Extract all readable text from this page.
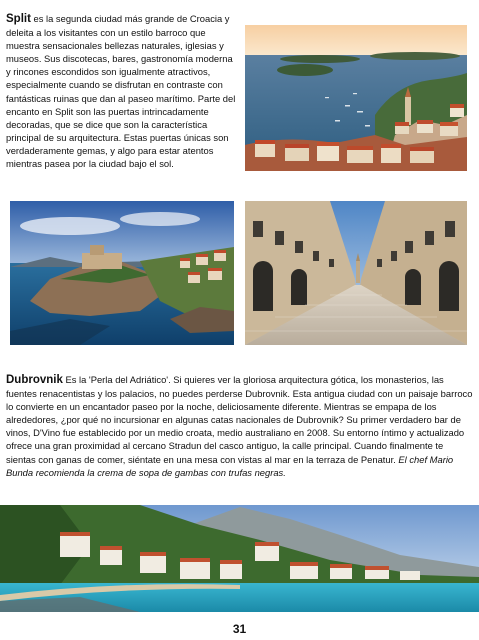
Split es la segunda ciudad más grande de Croacia y deleita a los visitantes con un estilo barroco que muestra sensacionales bellezas naturales, iglesias y museos. Sus discotecas, bares, gastronomía moderna y rincones escondidos son igualmente atractivos, especialmente cuando se disfrutan en contraste con fantásticas ruinas que dan al paseo marítimo. Parte del encanto en Split son las puertas intrincadamente decoradas, que se dice que son la característica principal de su arquitectura. Estas puertas únicas son verdaderamente gemas, y algo para estar atentos mientras pasea por la ciudad bajo el sol.
Dubrovnik Es la 'Perla del Adriático'. Si quieres ver la gloriosa arquitectura gótica, los monasterios, las fuentes renacentistas y los palacios, no puedes perderse Dubrovnik. Esta antigua ciudad con un paisaje barroco lo convierte en un encantador paseo por la noche, deliciosamente diferente. Mientras se empapa de los alrededores, ¿por qué no incursionar en algunas catas nacionales de Dubrovnik? Su primer verdadero bar de vinos, D'Vino fue establecido por un medio croata, medio australiano en 2008. Su entorno íntimo y actualizado ofrece una gran proximidad al cercano Stradun del casco antiguo, la calle principal. Cuando finalmente te sientas con ganas de comer, siéntate en una mesa con vistas al mar en la terraza de Penatur. El chef Mario Bunda recomienda la crema de sopa de gambas con trufas negras.
31
